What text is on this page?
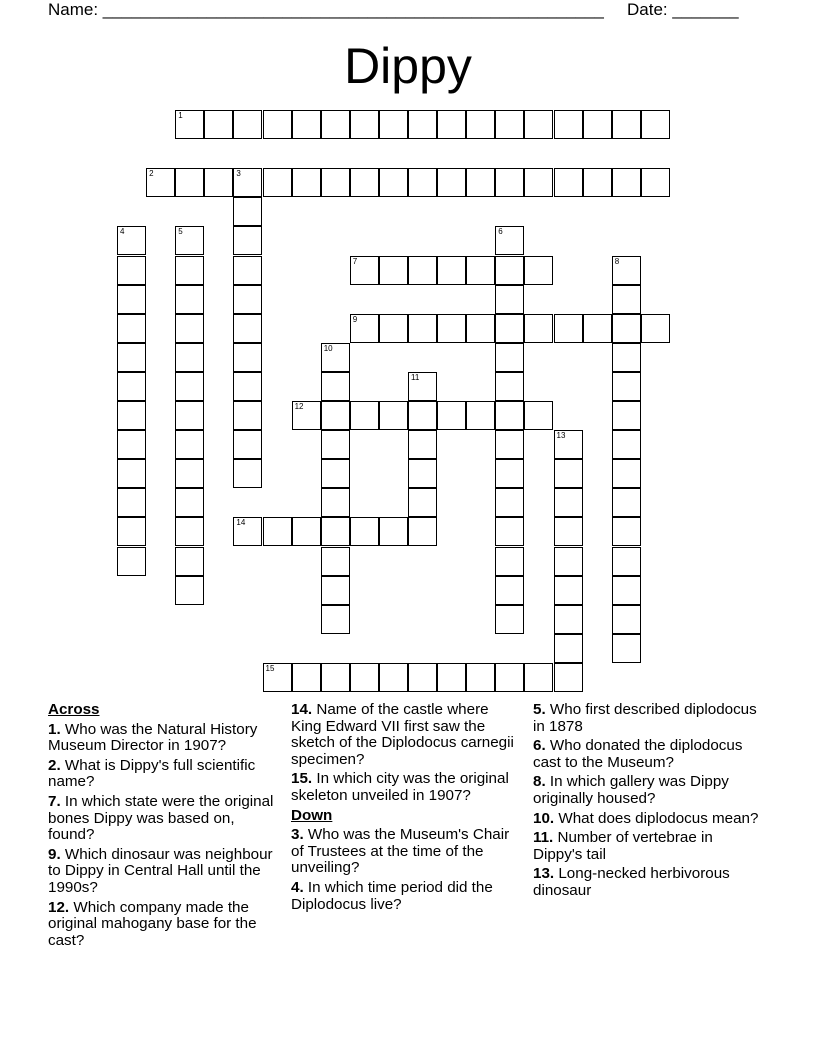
Name: _____________________________________________________ Date: _______
Dippy
1
2	3
4	5	6
7	8
9
10
11
12
13
14
15
Across
1. Who was the Natural History Museum Director in 1907?
2. What is Dippy's full scientific name?
7. In which state were the original bones Dippy was based on, found?
9. Which dinosaur was neighbour to Dippy in Central Hall until the 1990s?
12. Which company made the original mahogany base for the cast?
14. Name of the castle where King Edward VII first saw the sketch of the Diplodocus carnegii specimen?
15. In which city was the original skeleton unveiled in 1907?
Down
3. Who was the Museum's Chair of Trustees at the time of the unveiling?
4. In which time period did the Diplodocus live?
5. Who first described diplodocus in 1878
6. Who donated the diplodocus cast to the Museum?
8. In which gallery was Dippy originally housed?
10. What does diplodocus mean?
11. Number of vertebrae in Dippy's tail
13. Long-necked herbivorous dinosaur
